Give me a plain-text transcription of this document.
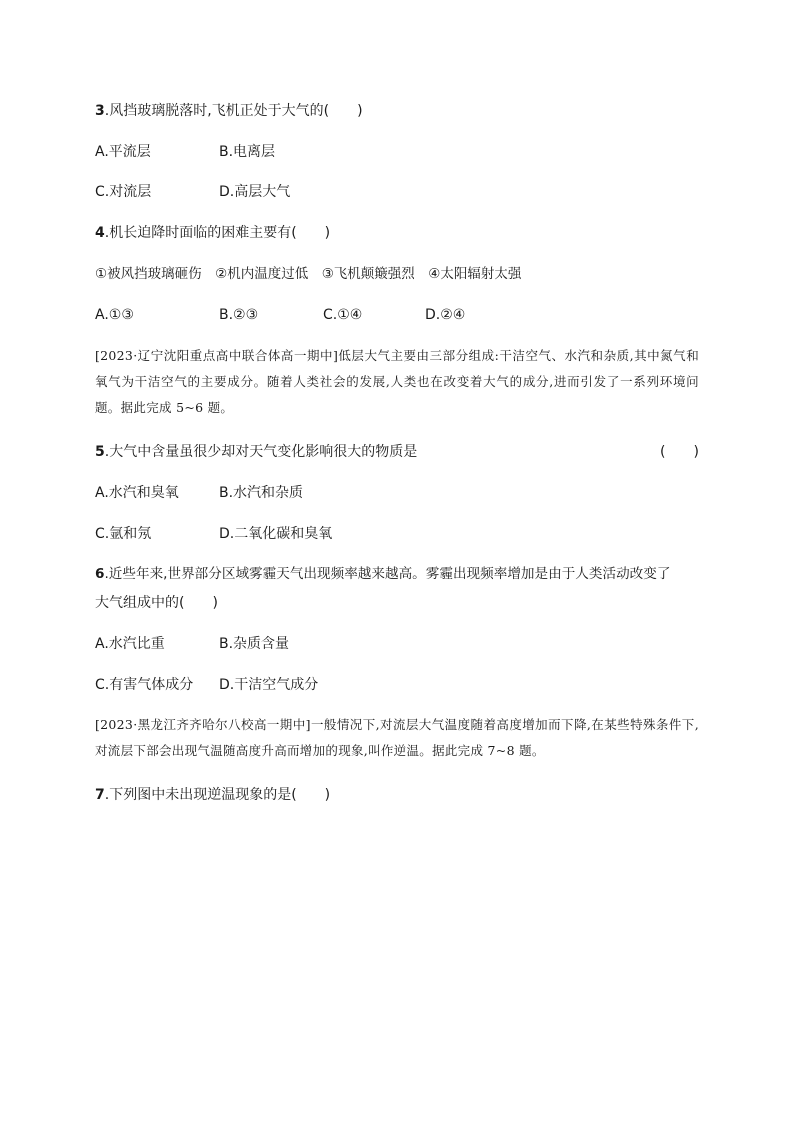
3.风挡玻璃脱落时,飞机正处于大气的(　　)
A.平流层	B.电离层
C.对流层	D.高层大气
4.机长迫降时面临的困难主要有(　　)
①被风挡玻璃砸伤　②机内温度过低　③飞机颠簸强烈　④太阳辐射太强
A.①③	B.②③	C.①④	D.②④
[2023·辽宁沈阳重点高中联合体高一期中]低层大气主要由三部分组成:干洁空气、水汽和杂质,其中氮气和氧气为干洁空气的主要成分。随着人类社会的发展,人类也在改变着大气的成分,进而引发了一系列环境问题。据此完成 5~6 题。
5.大气中含量虽很少却对天气变化影响很大的物质是	(　　)
A.水汽和臭氧	B.水汽和杂质
C.氩和氖	D.二氧化碳和臭氧
6.近些年来,世界部分区域雾霾天气出现频率越来越高。雾霾出现频率增加是由于人类活动改变了
大气组成中的(　　)
A.水汽比重	B.杂质含量
C.有害气体成分 D.干洁空气成分
[2023·黑龙江齐齐哈尔八校高一期中]一般情况下,对流层大气温度随着高度增加而下降,在某些特殊条件下,对流层下部会出现气温随高度升高而增加的现象,叫作逆温。据此完成 7~8 题。
7.下列图中未出现逆温现象的是(　　)
